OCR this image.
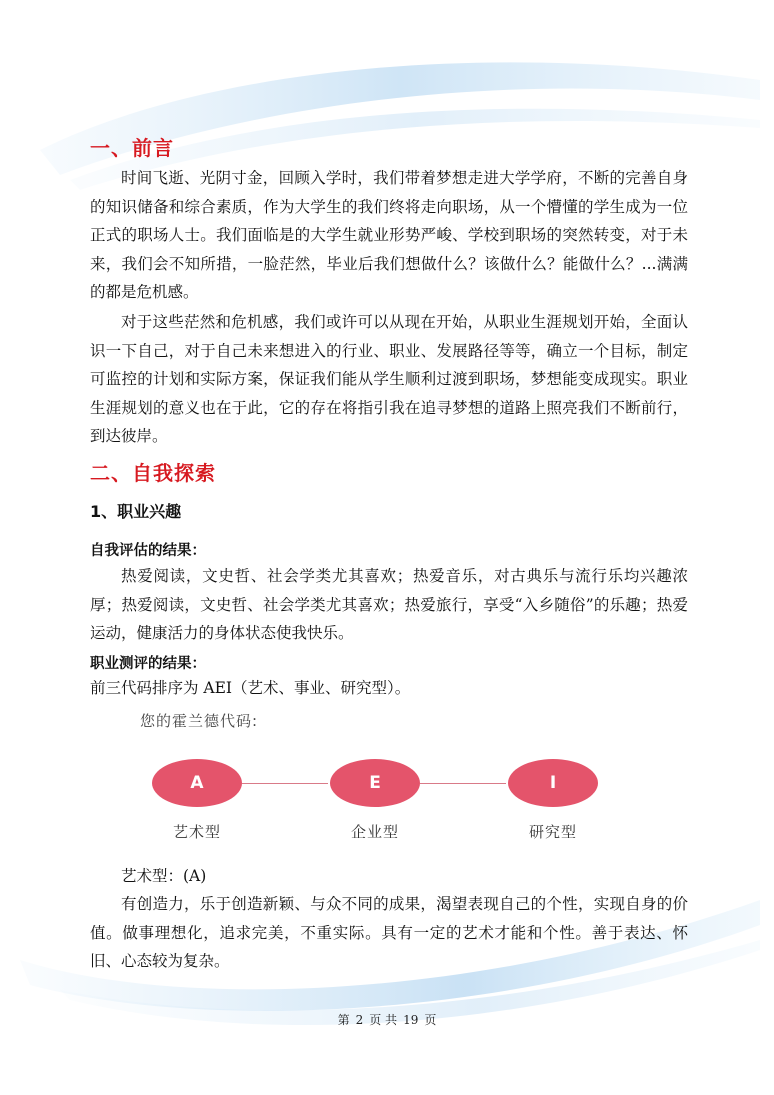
一、前言

时间飞逝、光阴寸金，回顾入学时，我们带着梦想走进大学学府，不断的完善自身的知识储备和综合素质，作为大学生的我们终将走向职场，从一个懵懂的学生成为一位正式的职场人士。我们面临是的大学生就业形势严峻、学校到职场的突然转变，对于未来，我们会不知所措，一脸茫然，毕业后我们想做什么？该做什么？能做什么？...满满的都是危机感。

对于这些茫然和危机感，我们或许可以从现在开始，从职业生涯规划开始，全面认识一下自己，对于自己未来想进入的行业、职业、发展路径等等，确立一个目标，制定可监控的计划和实际方案，保证我们能从学生顺利过渡到职场，梦想能变成现实。职业生涯规划的意义也在于此，它的存在将指引我在追寻梦想的道路上照亮我们不断前行，到达彼岸。

二、自我探索
1、职业兴趣
自我评估的结果：

热爱阅读，文史哲、社会学类尤其喜欢；热爱音乐，对古典乐与流行乐均兴趣浓厚；热爱阅读，文史哲、社会学类尤其喜欢；热爱旅行，享受“入乡随俗”的乐趣；热爱运动，健康活力的身体状态使我快乐。

职业测评的结果：
前三代码排序为 AEI（艺术、事业、研究型）。
您的霍兰德代码:
A	E	I
艺术型	企业型	研究型
艺术型：(A)

有创造力，乐于创造新颖、与众不同的成果，渴望表现自己的个性，实现自身的价值。做事理想化，追求完美，不重实际。具有一定的艺术才能和个性。善于表达、怀旧、心态较为复杂。

第 2 页 共 19 页
